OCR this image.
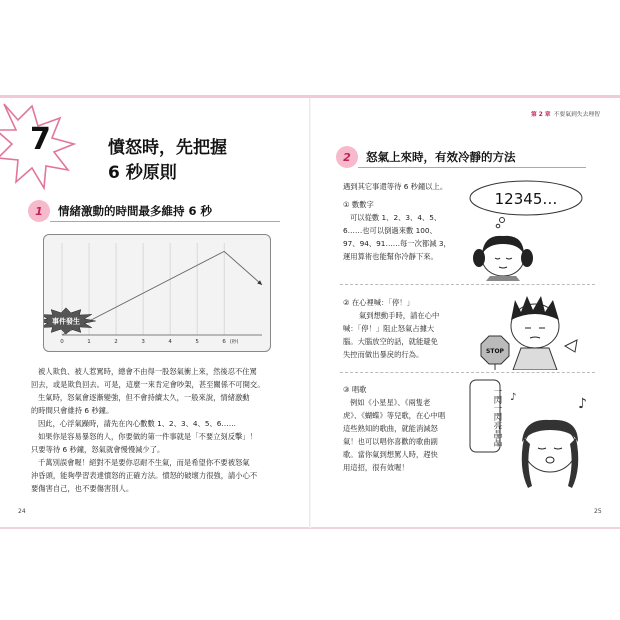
7	憤怒時，先把握
6 秒原則
1	情緒激動的時間最多維持 6 秒
0	1	2	3	4	5	6 (秒)
事件發生

被人欺負、被人惹罵時，總會不由得一股怒氣衝上來，然後忍不住罵

回去，或是欺負回去。可是，這麼一來肯定會吵架，甚至關係不可開交。

生氣時，怒氣會逐漸變強，但不會持續太久，一般來說，情緒激動

的時間只會維持 6 秒鐘。

因此，心浮氣躁時，請先在內心數數 1、2、3、4、5、6……

如果你是容易暴怒的人，你要做的第一件事就是「不要立刻反擊」！

只要等待 6 秒鐘，怒氣就會慢慢減少了。

千萬別誤會喔！絕對不是要你忍耐不生氣，而是希望你不要被怒氣

沖昏頭，能夠學習表達憤怒的正確方法。憤怒的破壞力很強，請小心不

要傷害自己，也不要傷害別人。

24
第 2 章 不要氣到失去理智
2	怒氣上來時，有效冷靜的方法
遇到其它事還等待 6 秒鐘以上。

① 數數字

可以從數 1、2、3、4、5、

6……也可以倒過來數 100、

97、94、91……每一次都減 3，

運用算術也能幫你冷靜下來。

12345…

② 在心裡喊：「停！」

氣到想動手時，請在心中

喊：「停！」阻止怒氣占據大

腦。大腦放空的話，就能避免

失控而做出暴戾的行為。	STOP

③ 唱歌

例如《小星星》、《兩隻老

虎》、《蝴蝶》等兒歌，在心中唱

這些熟知的歌曲，就能消減怒

氣！也可以唱你喜歡的歌曲副

歌。當你氣到想罵人時，趕快

用這招，很有效喔！

♪
♪
一閃一閃亮晶晶
25
